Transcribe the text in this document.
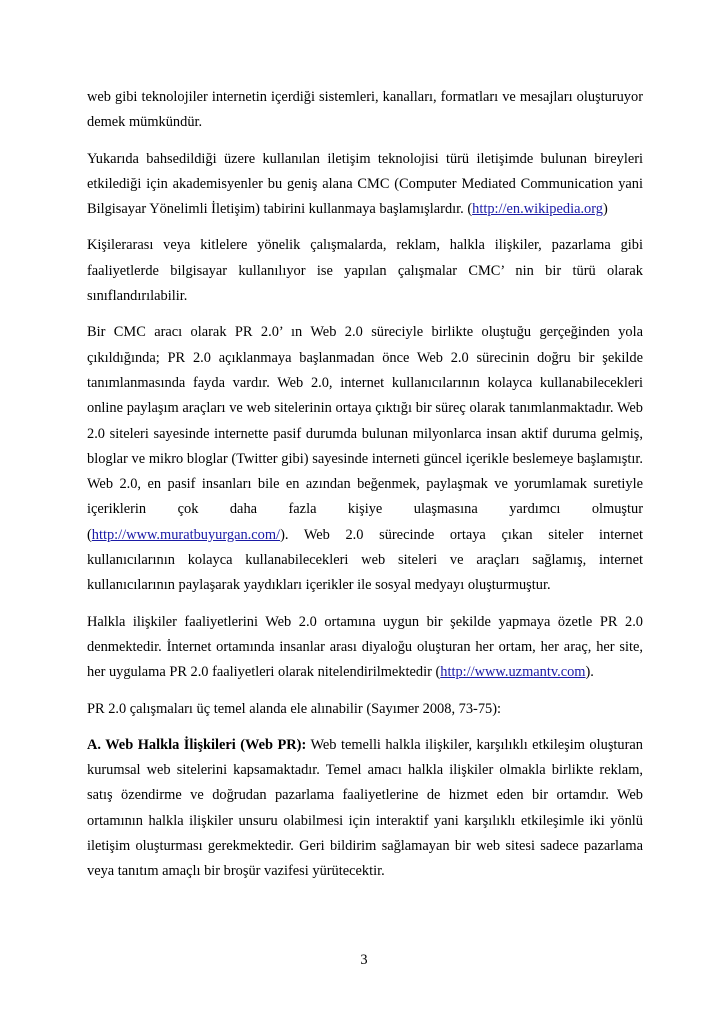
web gibi teknolojiler internetin içerdiği sistemleri, kanalları, formatları ve mesajları oluşturuyor demek mümkündür.

Yukarıda bahsedildiği üzere kullanılan iletişim teknolojisi türü iletişimde bulunan bireyleri etkilediği için akademisyenler bu geniş alana CMC (Computer Mediated Communication yani Bilgisayar Yönelimli İletişim) tabirini kullanmaya başlamışlardır. (http://en.wikipedia.org)

Kişilerarası veya kitlelere yönelik çalışmalarda, reklam, halkla ilişkiler, pazarlama gibi faaliyetlerde bilgisayar kullanılıyor ise yapılan çalışmalar CMC’ nin bir türü olarak sınıflandırılabilir.

Bir CMC aracı olarak PR 2.0’ ın Web 2.0 süreciyle birlikte oluştuğu gerçeğinden yola çıkıldığında; PR 2.0 açıklanmaya başlanmadan önce Web 2.0 sürecinin doğru bir şekilde tanımlanmasında fayda vardır. Web 2.0, internet kullanıcılarının kolayca kullanabilecekleri online paylaşım araçları ve web sitelerinin ortaya çıktığı bir süreç olarak tanımlanmaktadır. Web 2.0 siteleri sayesinde internette pasif durumda bulunan milyonlarca insan aktif duruma gelmiş, bloglar ve mikro bloglar (Twitter gibi) sayesinde interneti güncel içerikle beslemeye başlamıştır. Web 2.0, en pasif insanları bile en azından beğenmek, paylaşmak ve yorumlamak suretiyle içeriklerin çok daha fazla kişiye ulaşmasına yardımcı olmuştur (http://www.muratbuyurgan.com/). Web 2.0 sürecinde ortaya çıkan siteler internet kullanıcılarının kolayca kullanabilecekleri web siteleri ve araçları sağlamış, internet kullanıcılarının paylaşarak yaydıkları içerikler ile sosyal medyayı oluşturmuştur.

Halkla ilişkiler faaliyetlerini Web 2.0 ortamına uygun bir şekilde yapmaya özetle PR 2.0 denmektedir. İnternet ortamında insanlar arası diyaloğu oluşturan her ortam, her araç, her site, her uygulama PR 2.0 faaliyetleri olarak nitelendirilmektedir (http://www.uzmantv.com).

PR 2.0 çalışmaları üç temel alanda ele alınabilir (Sayımer 2008, 73-75):

A. Web Halkla İlişkileri (Web PR): Web temelli halkla ilişkiler, karşılıklı etkileşim oluşturan kurumsal web sitelerini kapsamaktadır. Temel amacı halkla ilişkiler olmakla birlikte reklam, satış özendirme ve doğrudan pazarlama faaliyetlerine de hizmet eden bir ortamdır. Web ortamının halkla ilişkiler unsuru olabilmesi için interaktif yani karşılıklı etkileşimle iki yönlü iletişim oluşturması gerekmektedir. Geri bildirim sağlamayan bir web sitesi sadece pazarlama veya tanıtım amaçlı bir broşür vazifesi yürütecektir.

3
